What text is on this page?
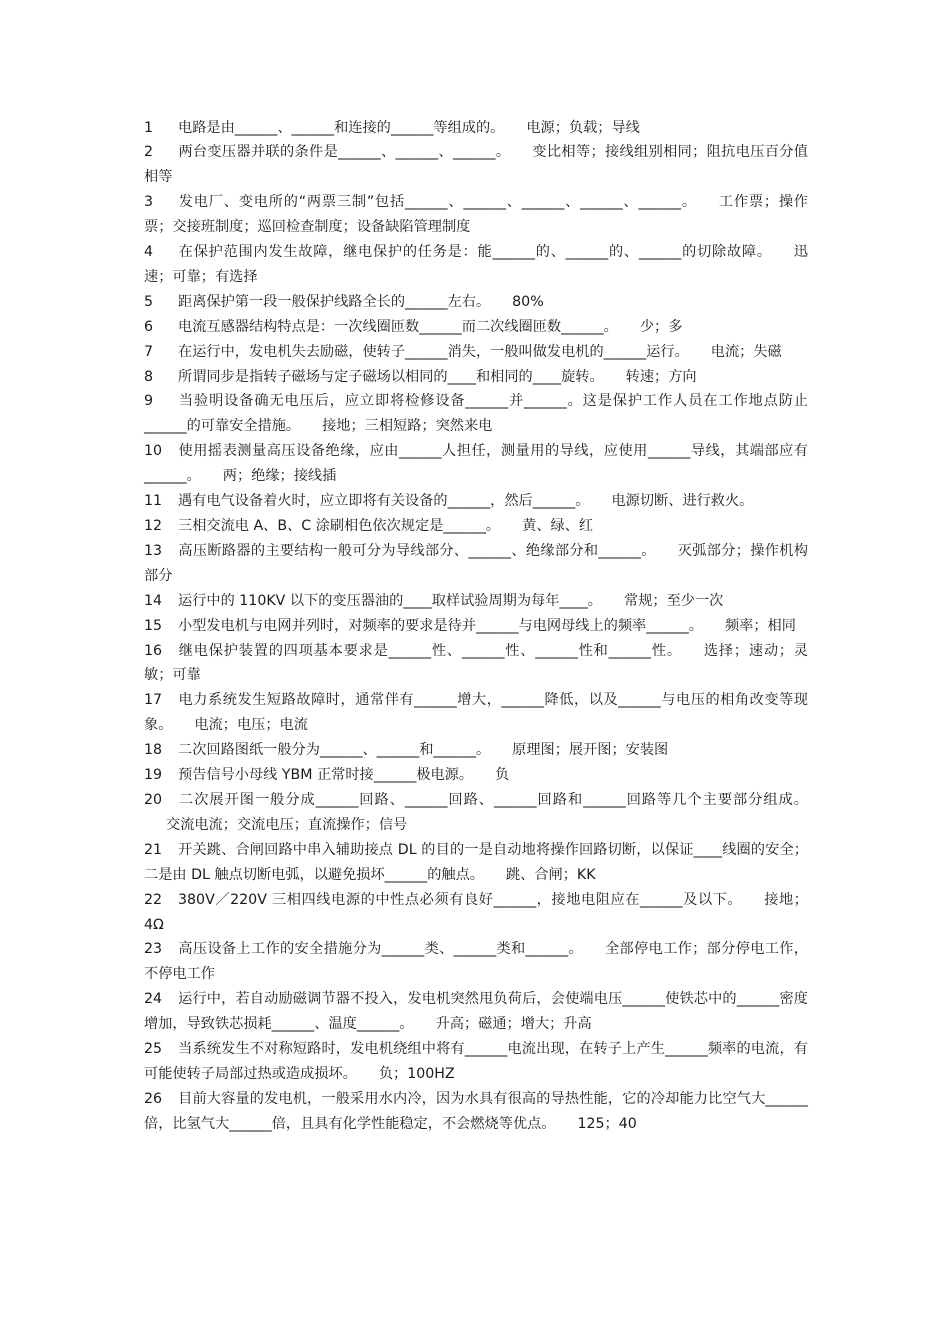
1 电路是由______、______和连接的______等组成的。 电源；负载；导线

2 两台变压器并联的条件是______、______、______。 变比相等；接线组别相同；阻抗电压百分值相等

3 发电厂、变电所的“两票三制”包括______、______、______、______、______。 工作票；操作票；交接班制度；巡回检查制度；设备缺陷管理制度

4 在保护范围内发生故障，继电保护的任务是：能______的、______的、______的切除故障。 迅速；可靠；有选择

5 距离保护第一段一般保护线路全长的______左右。 80%

6 电流互感器结构特点是：一次线圈匝数______而二次线圈匝数______。 少；多

7 在运行中，发电机失去励磁，使转子______消失，一般叫做发电机的______运行。 电流；失磁

8 所谓同步是指转子磁场与定子磁场以相同的____和相同的____旋转。 转速；方向

9 当验明设备确无电压后，应立即将检修设备______并______。这是保护工作人员在工作地点防止______的可靠安全措施。 接地；三相短路；突然来电

10 使用摇表测量高压设备绝缘，应由______人担任，测量用的导线，应使用______导线，其端部应有______。 两；绝缘；接线插

11 遇有电气设备着火时，应立即将有关设备的______，然后______。 电源切断、进行救火。

12 三相交流电 A、B、C 涂刷相色依次规定是______。 黄、绿、红

13 高压断路器的主要结构一般可分为导线部分、______、绝缘部分和______。 灭弧部分；操作机构部分

14 运行中的 110KV 以下的变压器油的____取样试验周期为每年____。 常规；至少一次

15 小型发电机与电网并列时，对频率的要求是待并______与电网母线上的频率______。 频率；相同

16 继电保护装置的四项基本要求是______性、______性、______性和______性。 选择；速动；灵敏；可靠

17 电力系统发生短路故障时，通常伴有______增大，______降低，以及______与电压的相角改变等现象。 电流；电压；电流

18 二次回路图纸一般分为______、______和______。 原理图；展开图；安装图

19 预告信号小母线 YBM 正常时接______极电源。 负

20 二次展开图一般分成______回路、______回路、______回路和______回路等几个主要部分组成。交流电流；交流电压；直流操作；信号

21 开关跳、合闸回路中串入辅助接点 DL 的目的一是自动地将操作回路切断，以保证____线圈的安全；二是由 DL 触点切断电弧，以避免损坏______的触点。 跳、合闸；KK

22 380V／220V 三相四线电源的中性点必须有良好______，接地电阻应在______及以下。 接地；4Ω

23 高压设备上工作的安全措施分为______类、______类和______。 全部停电工作；部分停电工作，不停电工作

24 运行中，若自动励磁调节器不投入，发电机突然甩负荷后，会使端电压______使铁芯中的______密度增加，导致铁芯损耗______、温度______。 升高；磁通；增大；升高

25 当系统发生不对称短路时，发电机绕组中将有______电流出现，在转子上产生______频率的电流，有可能使转子局部过热或造成损坏。 负；100HZ

26 目前大容量的发电机，一般采用水内冷，因为水具有很高的导热性能，它的冷却能力比空气大______倍，比氢气大______倍，且具有化学性能稳定，不会燃烧等优点。 125；40
